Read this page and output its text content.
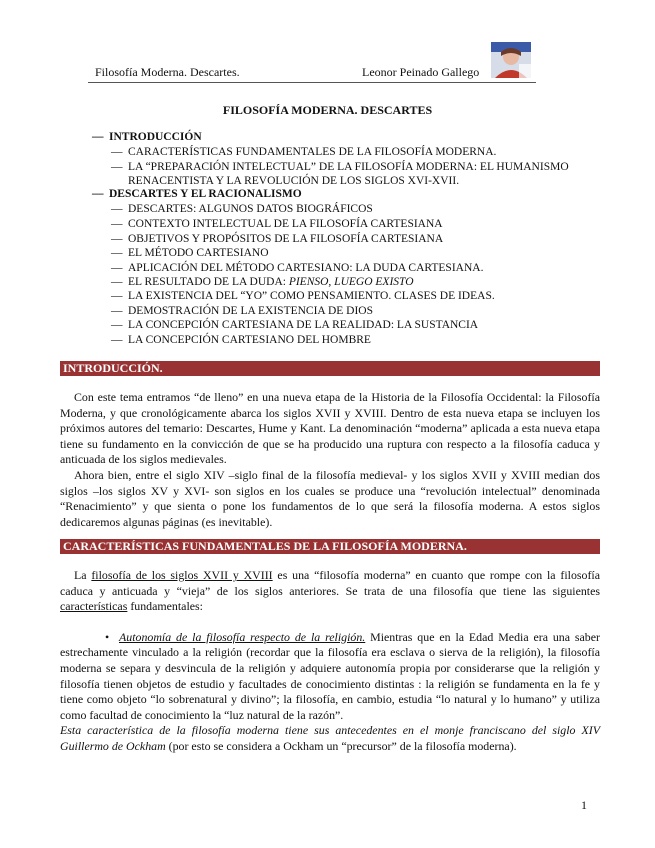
Filosofía Moderna. Descartes.	Leonor Peinado Gallego
FILOSOFÍA MODERNA. DESCARTES
— INTRODUCCIÓN
— CARACTERÍSTICAS FUNDAMENTALES DE LA FILOSOFÍA MODERNA.
— LA “PREPARACIÓN INTELECTUAL” DE LA FILOSOFÍA MODERNA: EL HUMANISMO
RENACENTISTA Y LA REVOLUCIÓN DE LOS SIGLOS XVI-XVII.
— DESCARTES Y EL RACIONALISMO
— DESCARTES: ALGUNOS DATOS BIOGRÁFICOS
— CONTEXTO INTELECTUAL DE LA FILOSOFÍA CARTESIANA
— OBJETIVOS Y PROPÓSITOS DE LA FILOSOFÍA CARTESIANA
— EL MÉTODO CARTESIANO
— APLICACIÓN DEL MÉTODO CARTESIANO: LA DUDA CARTESIANA.
— EL RESULTADO DE LA DUDA: PIENSO, LUEGO EXISTO
— LA EXISTENCIA DEL “YO” COMO PENSAMIENTO. CLASES DE IDEAS.
— DEMOSTRACIÓN DE LA EXISTENCIA DE DIOS
— LA CONCEPCIÓN CARTESIANA DE LA REALIDAD: LA SUSTANCIA
— LA CONCEPCIÓN CARTESIANO DEL HOMBRE
INTRODUCCIÓN.

Con este tema entramos “de lleno” en una nueva etapa de la Historia de la Filosofía Occidental: la Filosofía Moderna, y que cronológicamente abarca los siglos XVII y XVIII. Dentro de esta nueva etapa se incluyen los próximos autores del temario: Descartes, Hume y Kant. La denominación “moderna” aplicada a esta nueva etapa tiene su fundamento en la convicción de que se ha producido una ruptura con respecto a la filosofía caduca y anticuada de los siglos medievales.

Ahora bien, entre el siglo XIV –siglo final de la filosofía medieval- y los siglos XVII y XVIII median dos siglos –los siglos XV y XVI- son siglos en los cuales se produce una “revolución intelectual” denominada “Renacimiento” y que sienta o pone los fundamentos de lo que será la filosofía moderna. A estos siglos dedicaremos algunas páginas (es inevitable).

CARACTERÍSTICAS FUNDAMENTALES DE LA FILOSOFÍA MODERNA.

La filosofía de los siglos XVII y XVIII es una “filosofía moderna” en cuanto que rompe con la filosofía caduca y anticuada y “vieja” de los siglos anteriores. Se trata de una filosofía que tiene las siguientes características fundamentales:

• Autonomía de la filosofía respecto de la religión. Mientras que en la Edad Media era una saber estrechamente vinculado a la religión (recordar que la filosofía era esclava o sierva de la religión), la filosofía moderna se separa y desvincula de la religión y adquiere autonomía propia por considerarse que la religión y filosofía tienen objetos de estudio y facultades de conocimiento distintas : la religión se fundamenta en la fe y tiene como objeto “lo sobrenatural y divino”; la filosofía, en cambio, estudia “lo natural y lo humano” y utiliza como facultad de conocimiento la “luz natural de la razón”.

Esta característica de la filosofía moderna tiene sus antecedentes en el monje franciscano del siglo XIV Guillermo de Ockham (por esto se considera a Ockham un “precursor” de la filosofía moderna).

1
